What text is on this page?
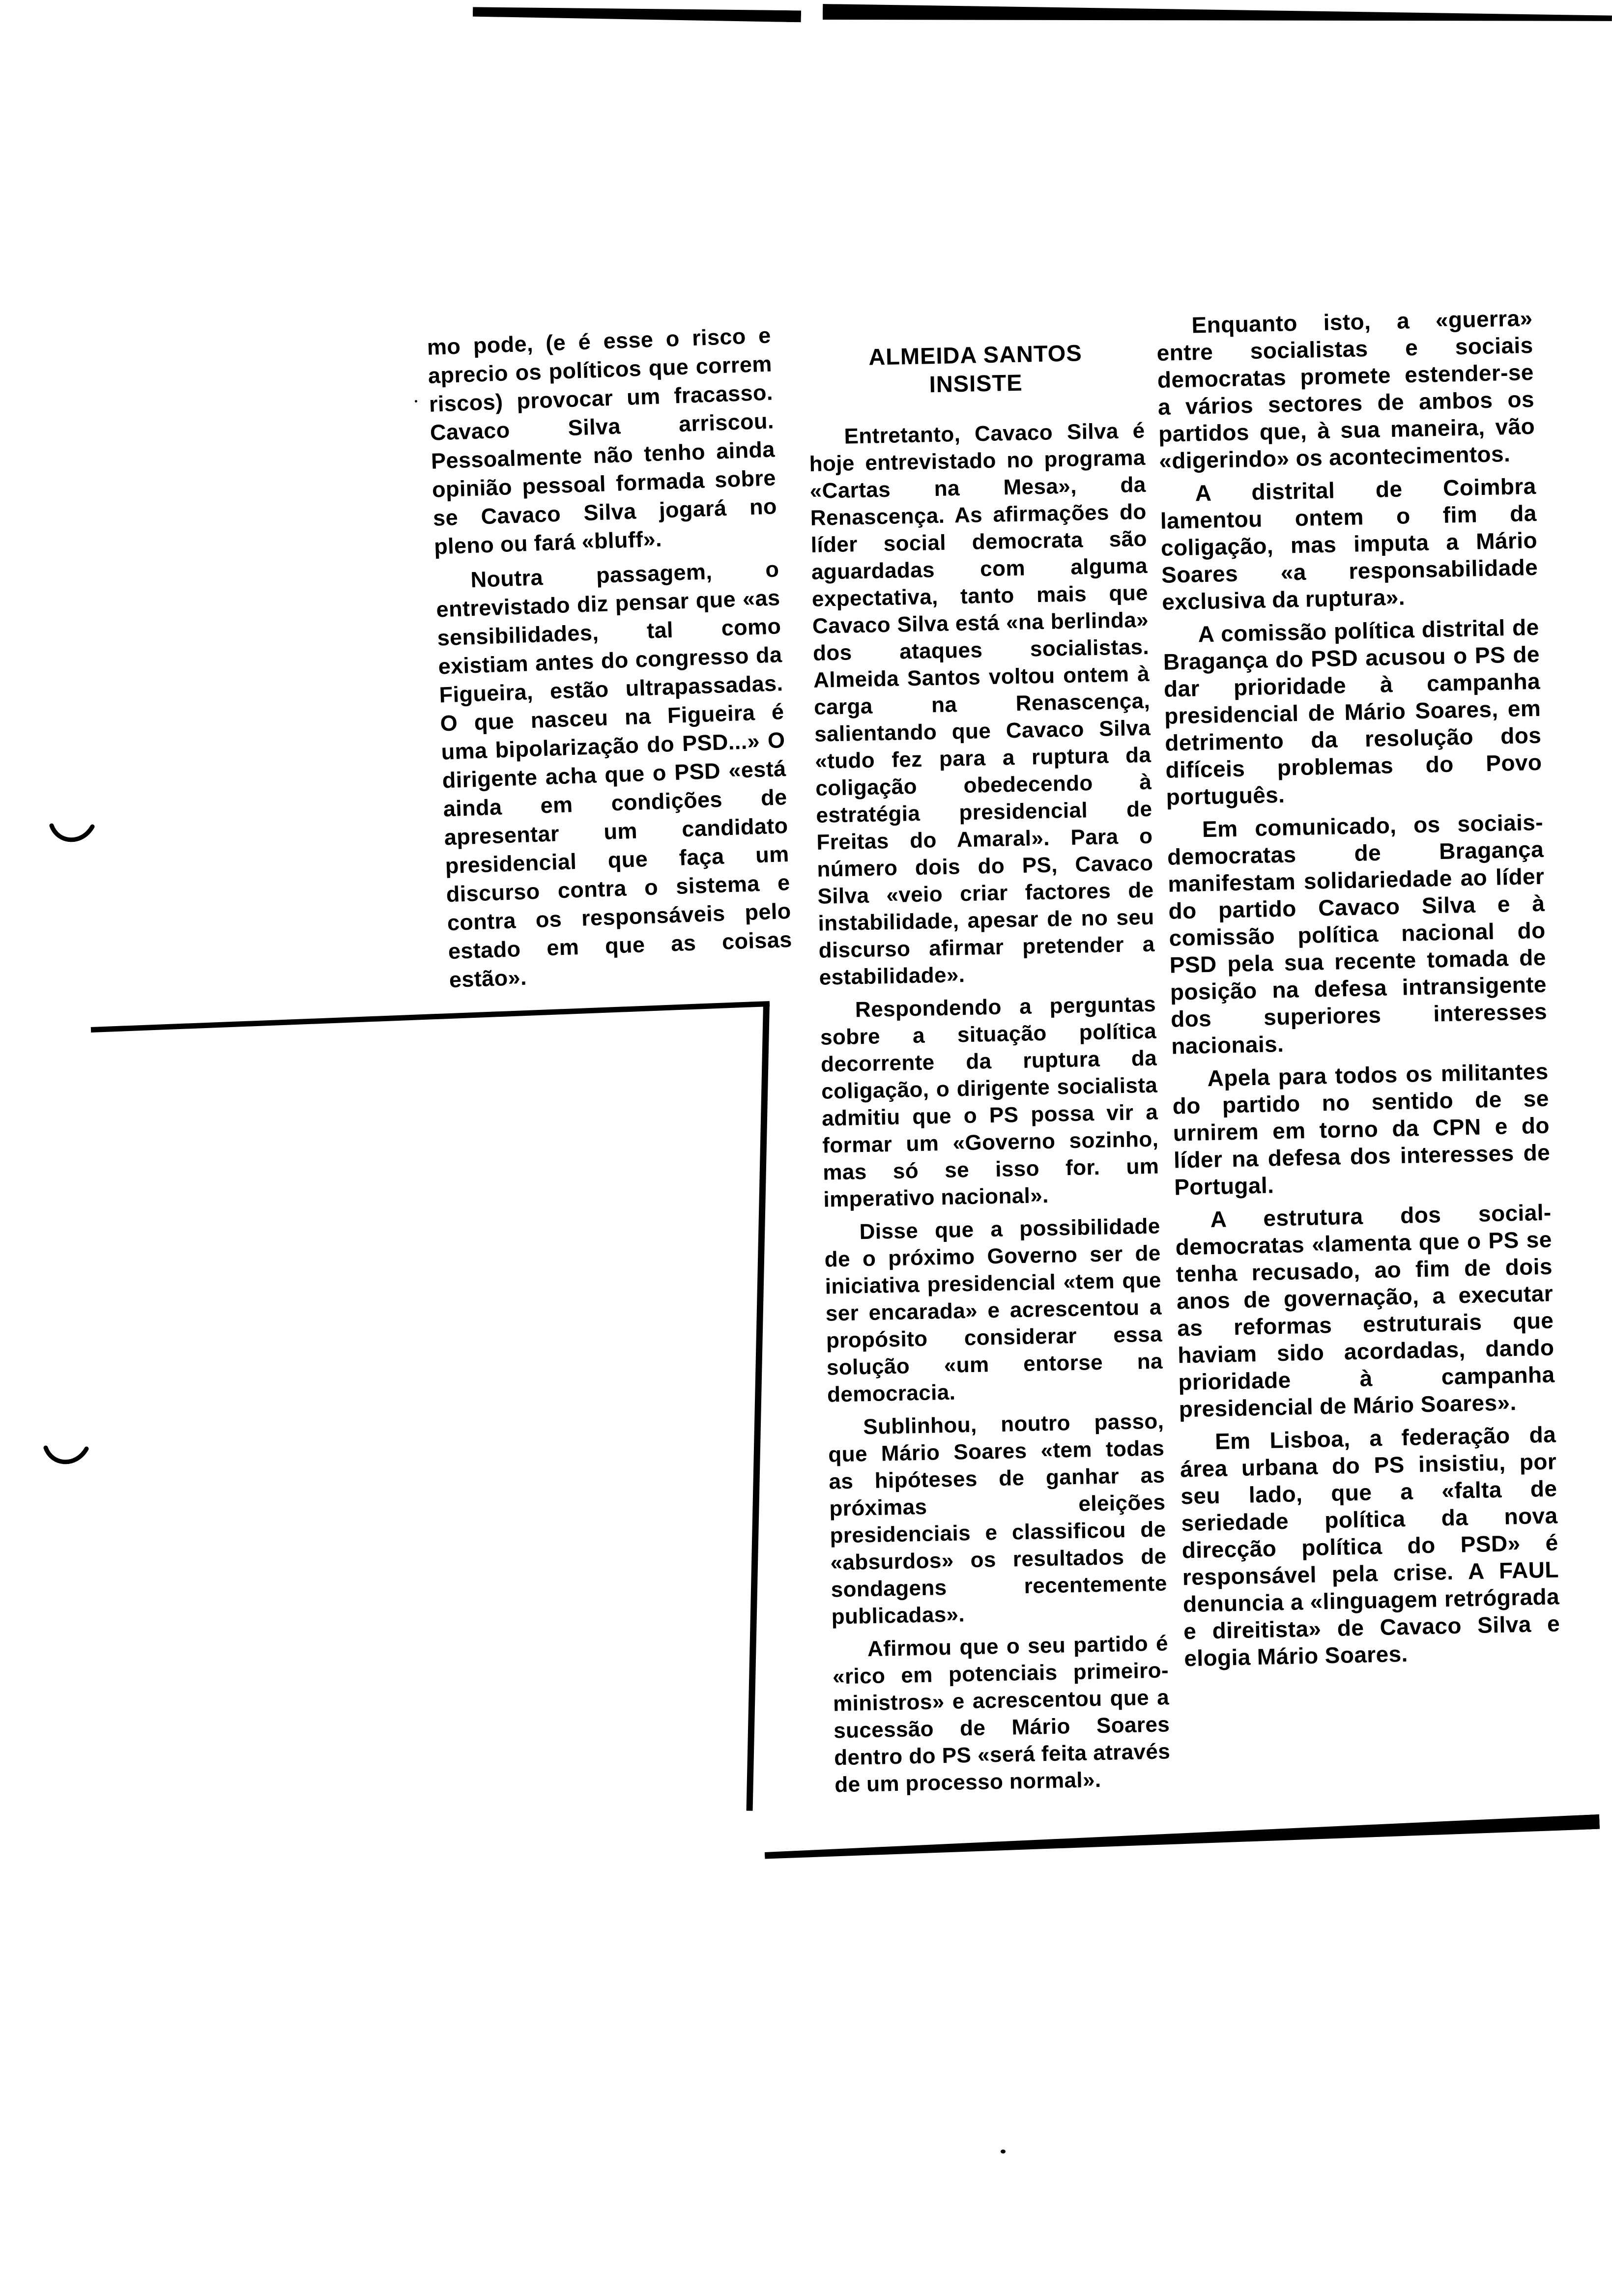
mo pode, (e é esse o risco e aprecio os políticos que correm riscos) provocar um fracasso. Cavaco Silva arriscou. Pessoalmente não tenho ainda opinião pessoal formada sobre se Cavaco Silva jogará no pleno ou fará «bluff».

Noutra passagem, o entrevistado diz pensar que «as sensibilidades, tal como existiam antes do congresso da Figueira, estão ultrapassadas. O que nasceu na Figueira é uma bipolarização do PSD...» O dirigente acha que o PSD «está ainda em condições de apresentar um candidato presidencial que faça um discurso contra o sistema e contra os responsáveis pelo estado em que as coisas estão».

ALMEIDA SANTOS INSISTE

Entretanto, Cavaco Silva é hoje entrevistado no programa «Cartas na Mesa», da Renascença. As afirmações do líder social democrata são aguardadas com alguma expectativa, tanto mais que Cavaco Silva está «na berlinda» dos ataques socialistas. Almeida Santos voltou ontem à carga na Renascença, salientando que Cavaco Silva «tudo fez para a ruptura da coligação obedecendo à estratégia presidencial de Freitas do Amaral». Para o número dois do PS, Cavaco Silva «veio criar factores de instabilidade, apesar de no seu discurso afirmar pretender a estabilidade».

Respondendo a perguntas sobre a situação política decorrente da ruptura da coligação, o dirigente socialista admitiu que o PS possa vir a formar um «Governo sozinho, mas só se isso for. um imperativo nacional».

Disse que a possibilidade de o próximo Governo ser de iniciativa presidencial «tem que ser encarada» e acrescentou a propósito considerar essa solução «um entorse na democracia.

Sublinhou, noutro passo, que Mário Soares «tem todas as hipóteses de ganhar as próximas eleições presidenciais e classificou de «absurdos» os resultados de sondagens recentemente publicadas».

Afirmou que o seu partido é «rico em potenciais primeiro-ministros» e acrescentou que a sucessão de Mário Soares dentro do PS «será feita através de um processo normal».

Enquanto isto, a «guerra» entre socialistas e sociais democratas promete estender-se a vários sectores de ambos os partidos que, à sua maneira, vão «digerindo» os acontecimentos.

A distrital de Coimbra lamentou ontem o fim da coligação, mas imputa a Mário Soares «a responsabilidade exclusiva da ruptura».

A comissão política distrital de Bragança do PSD acusou o PS de dar prioridade à campanha presidencial de Mário Soares, em detrimento da resolução dos difíceis problemas do Povo português.

Em comunicado, os sociais-democratas de Bragança manifestam solidariedade ao líder do partido Cavaco Silva e à comissão política nacional do PSD pela sua recente tomada de posição na defesa intransigente dos superiores interesses nacionais.

Apela para todos os militantes do partido no sentido de se urnirem em torno da CPN e do líder na defesa dos interesses de Portugal.

A estrutura dos social-democratas «lamenta que o PS se tenha recusado, ao fim de dois anos de governação, a executar as reformas estruturais que haviam sido acordadas, dando prioridade à campanha presidencial de Mário Soares».

Em Lisboa, a federação da área urbana do PS insistiu, por seu lado, que a «falta de seriedade política da nova direcção política do PSD» é responsável pela crise. A FAUL denuncia a «linguagem retrógrada e direitista» de Cavaco Silva e elogia Mário Soares.
